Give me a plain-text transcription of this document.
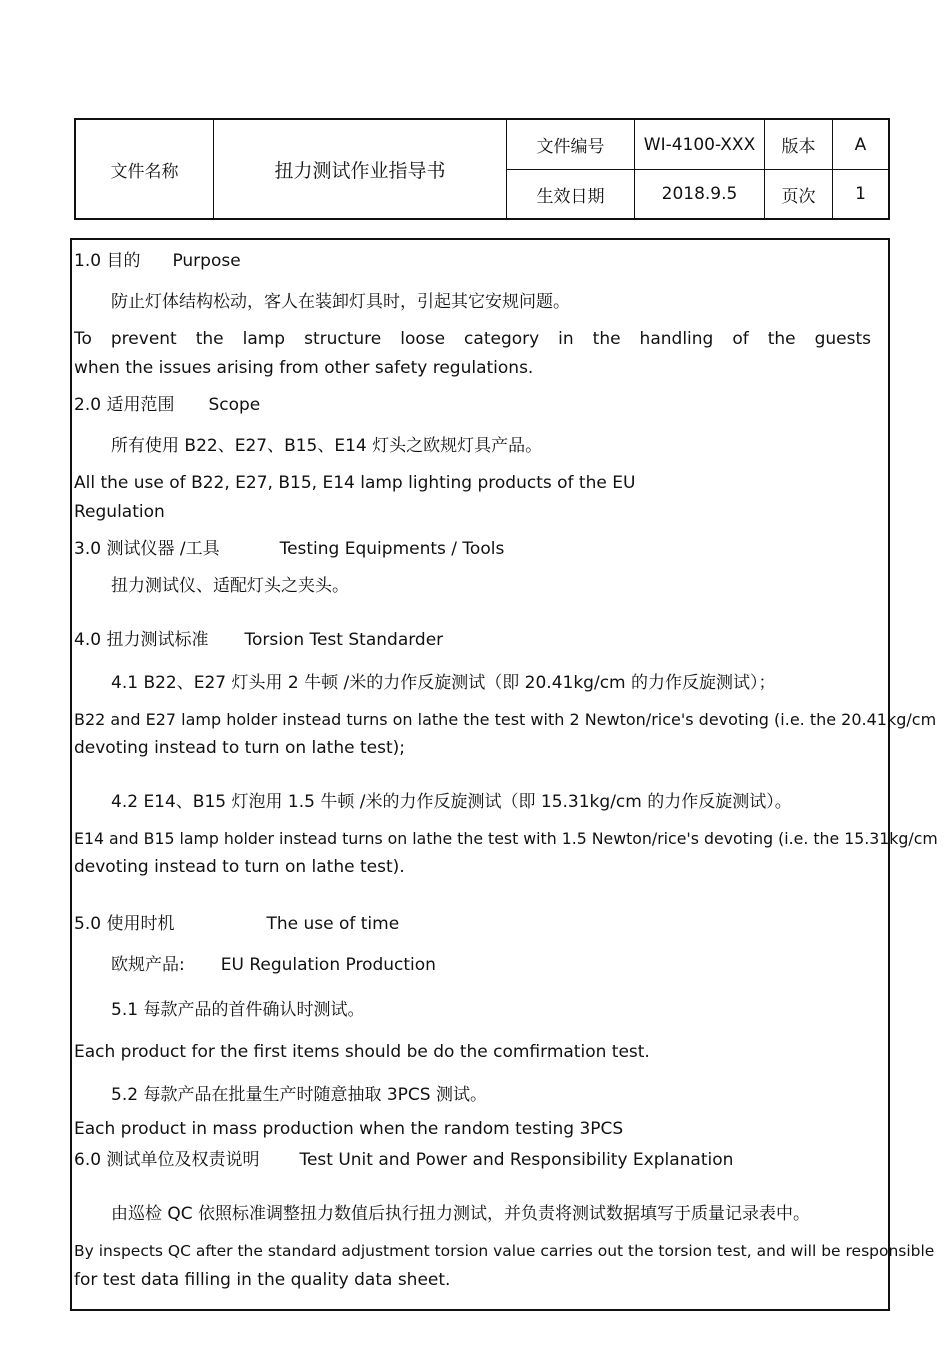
文件名称	扭力测试作业指导书
文件编号	WI-4100-XXX	版本	A
生效日期	2018.9.5	页次	1
1.0 目的 Purpose
防止灯体结构松动，客人在装卸灯具时，引起其它安规问题。
To prevent the lamp structure loose category in the handling of the guests
when the issues arising from other safety regulations.
2.0 适用范围 Scope
所有使用 B22、E27、B15、E14 灯头之欧规灯具产品。
All the use of B22, E27, B15, E14 lamp lighting products of the EU
Regulation
3.0 测试仪器 /工具	Testing Equipments / Tools
扭力测试仪、适配灯头之夹头。
4.0 扭力测试标准 Torsion Test Standarder
4.1 B22、E27 灯头用 2 牛顿 /米的力作反旋测试（即 20.41kg/cm 的力作反旋测试）；
B22 and E27 lamp holder instead turns on lathe the test with 2 Newton/rice's devoting (i.e. the 20.41kg/cm
devoting instead to turn on lathe test);
4.2 E14、B15 灯泡用 1.5 牛顿 /米的力作反旋测试（即 15.31kg/cm 的力作反旋测试）。
E14 and B15 lamp holder instead turns on lathe the test with 1.5 Newton/rice's devoting (i.e. the 15.31kg/cm
devoting instead to turn on lathe test).
5.0 使用时机	The use of time
欧规产品: EU Regulation Production
5.1 每款产品的首件确认时测试。
Each product for the first items should be do the comfirmation test.
5.2 每款产品在批量生产时随意抽取 3PCS 测试。
Each product in mass production when the random testing 3PCS
6.0 测试单位及权责说明 Test Unit and Power and Responsibility Explanation
由巡检 QC 依照标准调整扭力数值后执行扭力测试，并负责将测试数据填写于质量记录表中。
By inspects QC after the standard adjustment torsion value carries out the torsion test, and will be responsible
for test data filling in the quality data sheet.
